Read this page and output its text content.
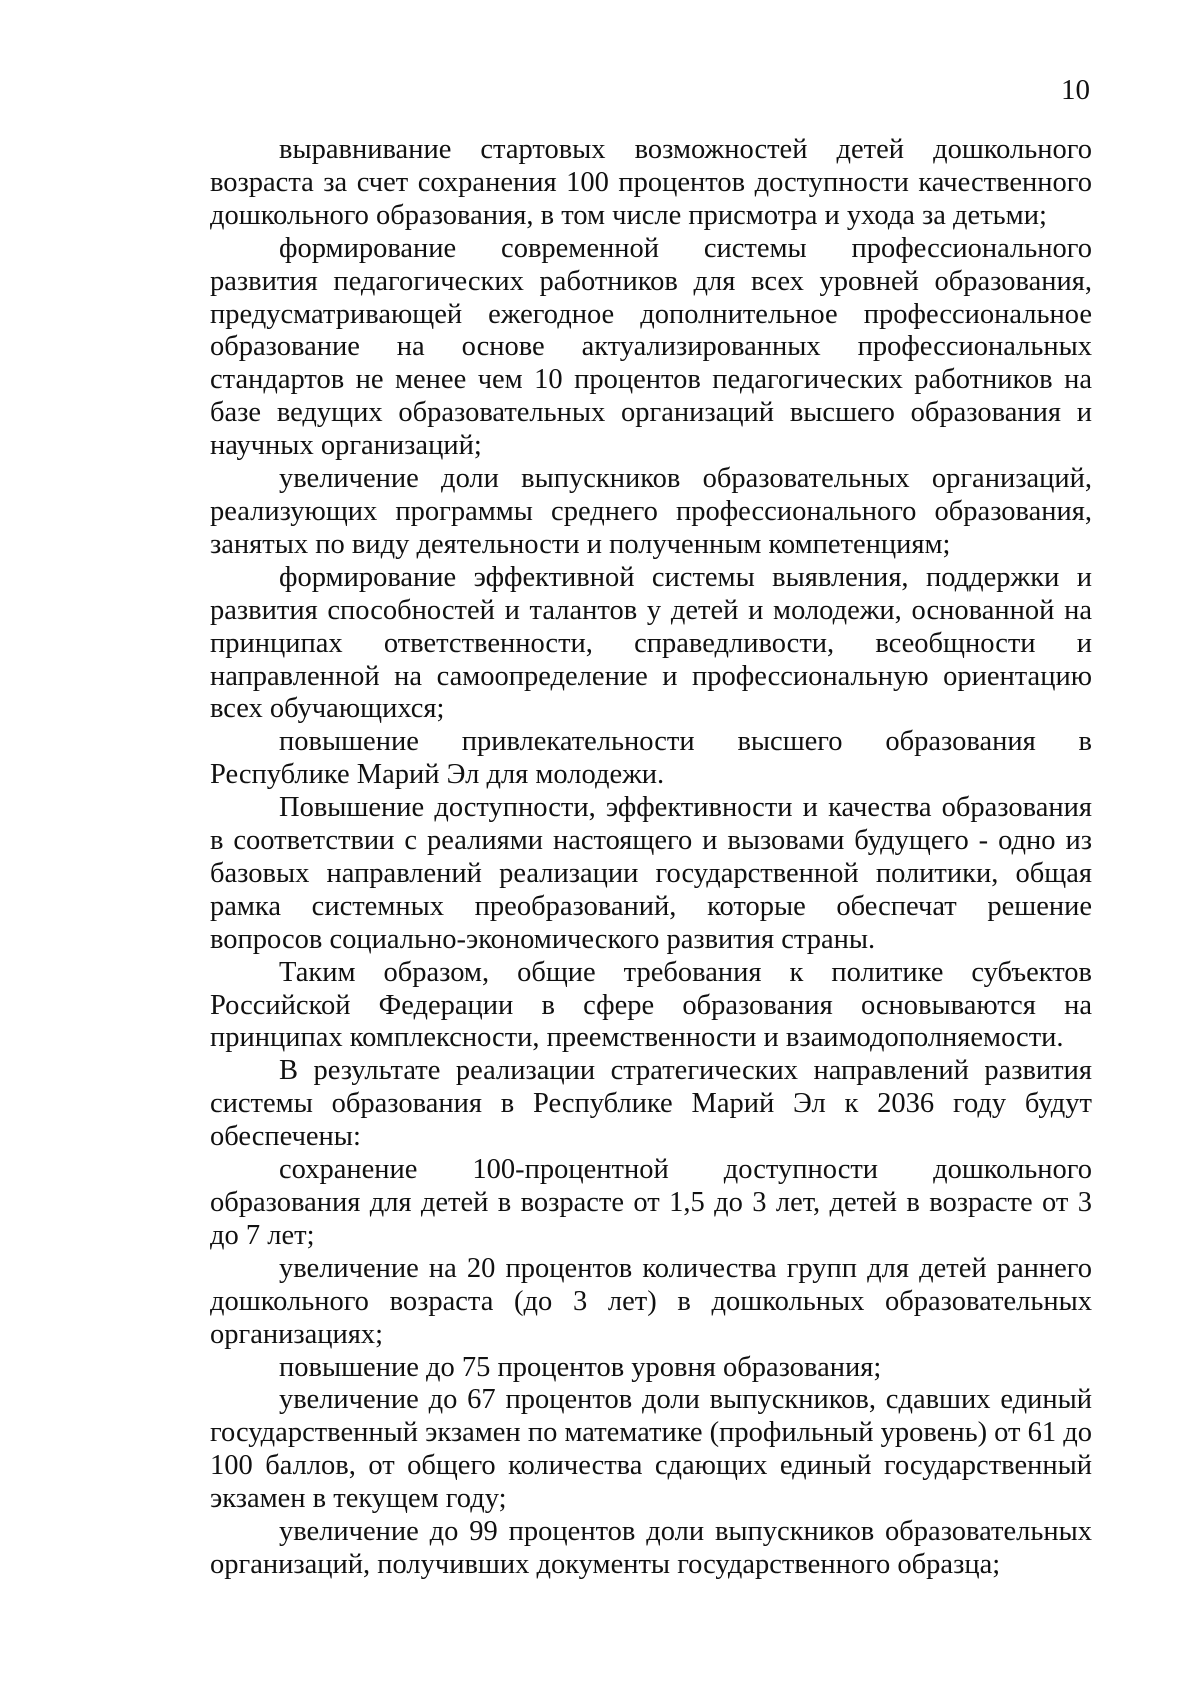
10

выравнивание стартовых возможностей детей дошкольного возраста за счет сохранения 100 процентов доступности качественного дошкольного образования, в том числе присмотра и ухода за детьми;

формирование современной системы профессионального развития педагогических работников для всех уровней образования, предусматривающей ежегодное дополнительное профессиональное образование на основе актуализированных профессиональных стандартов не менее чем 10 процентов педагогических работников на базе ведущих образовательных организаций высшего образования и научных организаций;

увеличение доли выпускников образовательных организаций, реализующих программы среднего профессионального образования, занятых по виду деятельности и полученным компетенциям;

формирование эффективной системы выявления, поддержки и развития способностей и талантов у детей и молодежи, основанной на принципах ответственности, справедливости, всеобщности и направленной на самоопределение и профессиональную ориентацию всех обучающихся;

повышение привлекательности высшего образования в Республике Марий Эл для молодежи.

Повышение доступности, эффективности и качества образования в соответствии с реалиями настоящего и вызовами будущего - одно из базовых направлений реализации государственной политики, общая рамка системных преобразований, которые обеспечат решение вопросов социально-экономического развития страны.

Таким образом, общие требования к политике субъектов Российской Федерации в сфере образования основываются на принципах комплексности, преемственности и взаимодополняемости.

В результате реализации стратегических направлений развития системы образования в Республике Марий Эл к 2036 году будут обеспечены:

сохранение 100-процентной доступности дошкольного образования для детей в возрасте от 1,5 до 3 лет, детей в возрасте от 3 до 7 лет;

увеличение на 20 процентов количества групп для детей раннего дошкольного возраста (до 3 лет) в дошкольных образовательных организациях;

повышение до 75 процентов уровня образования;

увеличение до 67 процентов доли выпускников, сдавших единый государственный экзамен по математике (профильный уровень) от 61 до 100 баллов, от общего количества сдающих единый государственный экзамен в текущем году;

увеличение до 99 процентов доли выпускников образовательных организаций, получивших документы государственного образца;
